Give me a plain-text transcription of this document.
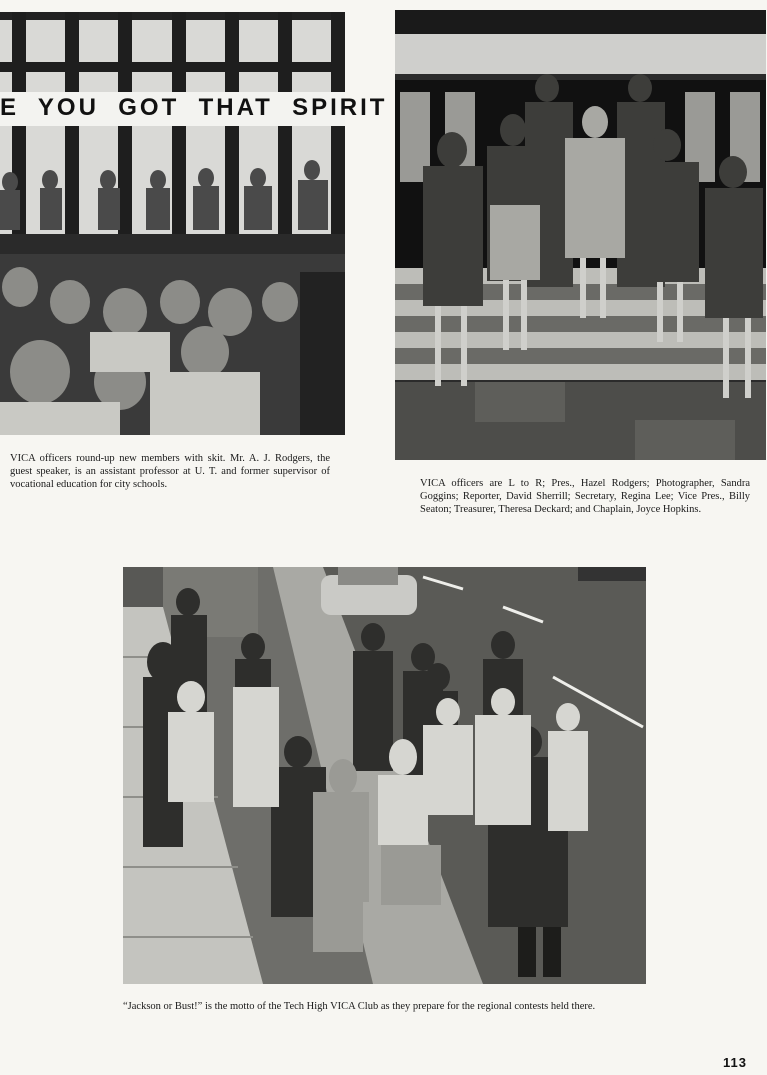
E  YOU  GOT  THAT  SPIRIT

VICA officers round-up new members with skit. Mr. A. J. Rodgers, the guest speaker, is an assistant professor at U. T. and former supervisor of vocational education for city schools.	VICA officers are L to R; Pres., Hazel Rodgers; Photographer, Sandra Goggins; Reporter, David Sherrill; Secretary, Regina Lee; Vice Pres., Billy Seaton; Treasurer, Theresa Deckard; and Chaplain, Joyce Hopkins.

“Jackson or Bust!” is the motto of the Tech High VICA Club as they prepare for the regional contests held there.

113
